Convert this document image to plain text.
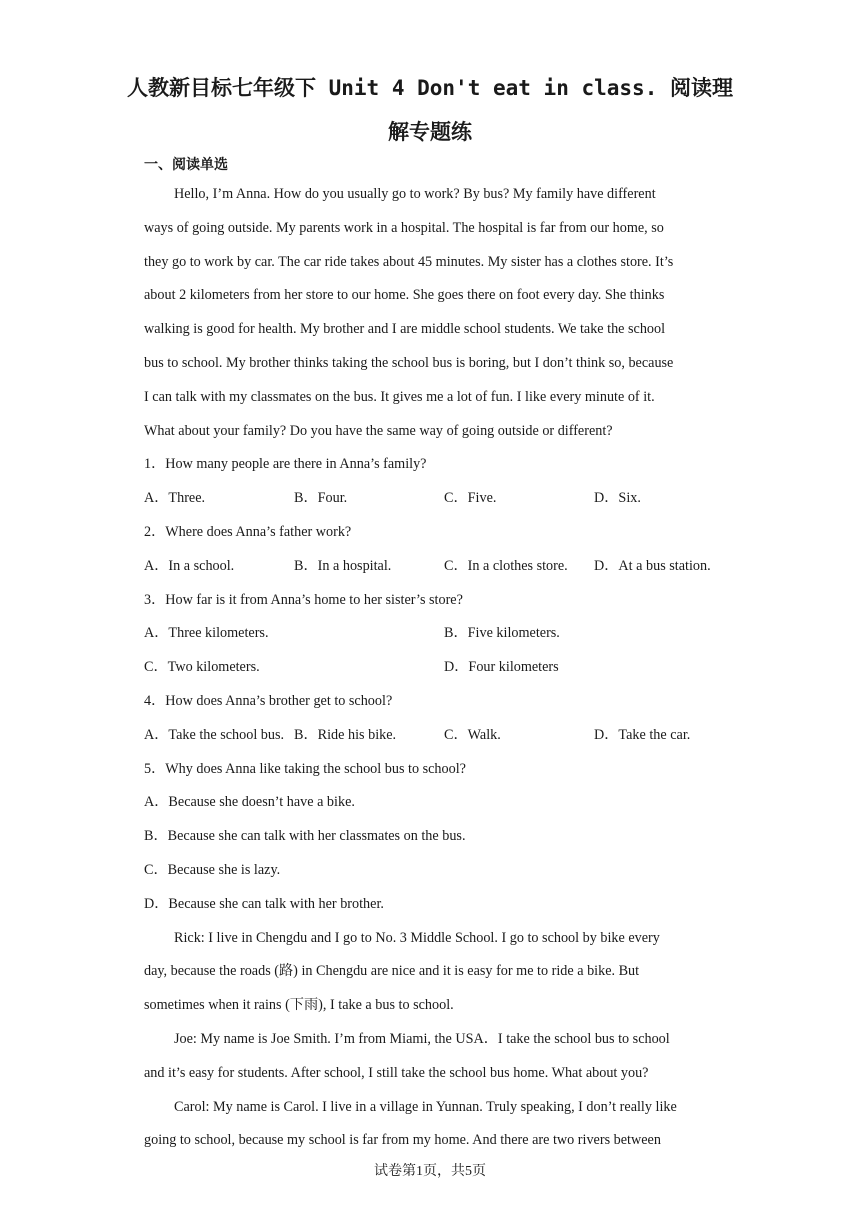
人教新目标七年级下 Unit 4 Don't eat in class. 阅读理解专题练
一、阅读单选
Hello, I’m Anna. How do you usually go to work? By bus? My family have different
ways of going outside. My parents work in a hospital. The hospital is far from our home, so
they go to work by car. The car ride takes about 45 minutes. My sister has a clothes store. It’s
about 2 kilometers from her store to our home. She goes there on foot every day. She thinks
walking is good for health. My brother and I are middle school students. We take the school
bus to school. My brother thinks taking the school bus is boring, but I don’t think so, because
I can talk with my classmates on the bus. It gives me a lot of fun. I like every minute of it.
What about your family? Do you have the same way of going outside or different?
1．How many people are there in Anna’s family?
A．Three.	B．Four.	C．Five.	D．Six.
2．Where does Anna’s father work?
A．In a school.	B．In a hospital.	C．In a clothes store. D．At a bus station.
3．How far is it from Anna’s home to her sister’s store?
A．Three kilometers.	B．Five kilometers.
C．Two kilometers.	D．Four kilometers
4．How does Anna’s brother get to school?
A．Take the school bus. B．Ride his bike.	C．Walk.	D．Take the car.
5．Why does Anna like taking the school bus to school?
A．Because she doesn’t have a bike.
B．Because she can talk with her classmates on the bus.
C．Because she is lazy.
D．Because she can talk with her brother.
Rick: I live in Chengdu and I go to No. 3 Middle School. I go to school by bike every
day, because the roads (路) in Chengdu are nice and it is easy for me to ride a bike. But
sometimes when it rains (下雨), I take a bus to school.
Joe: My name is Joe Smith. I’m from Miami, the USA．I take the school bus to school
and it’s easy for students. After school, I still take the school bus home. What about you?
Carol: My name is Carol. I live in a village in Yunnan. Truly speaking, I don’t really like
going to school, because my school is far from my home. And there are two rivers between
试卷第1页，共5页
